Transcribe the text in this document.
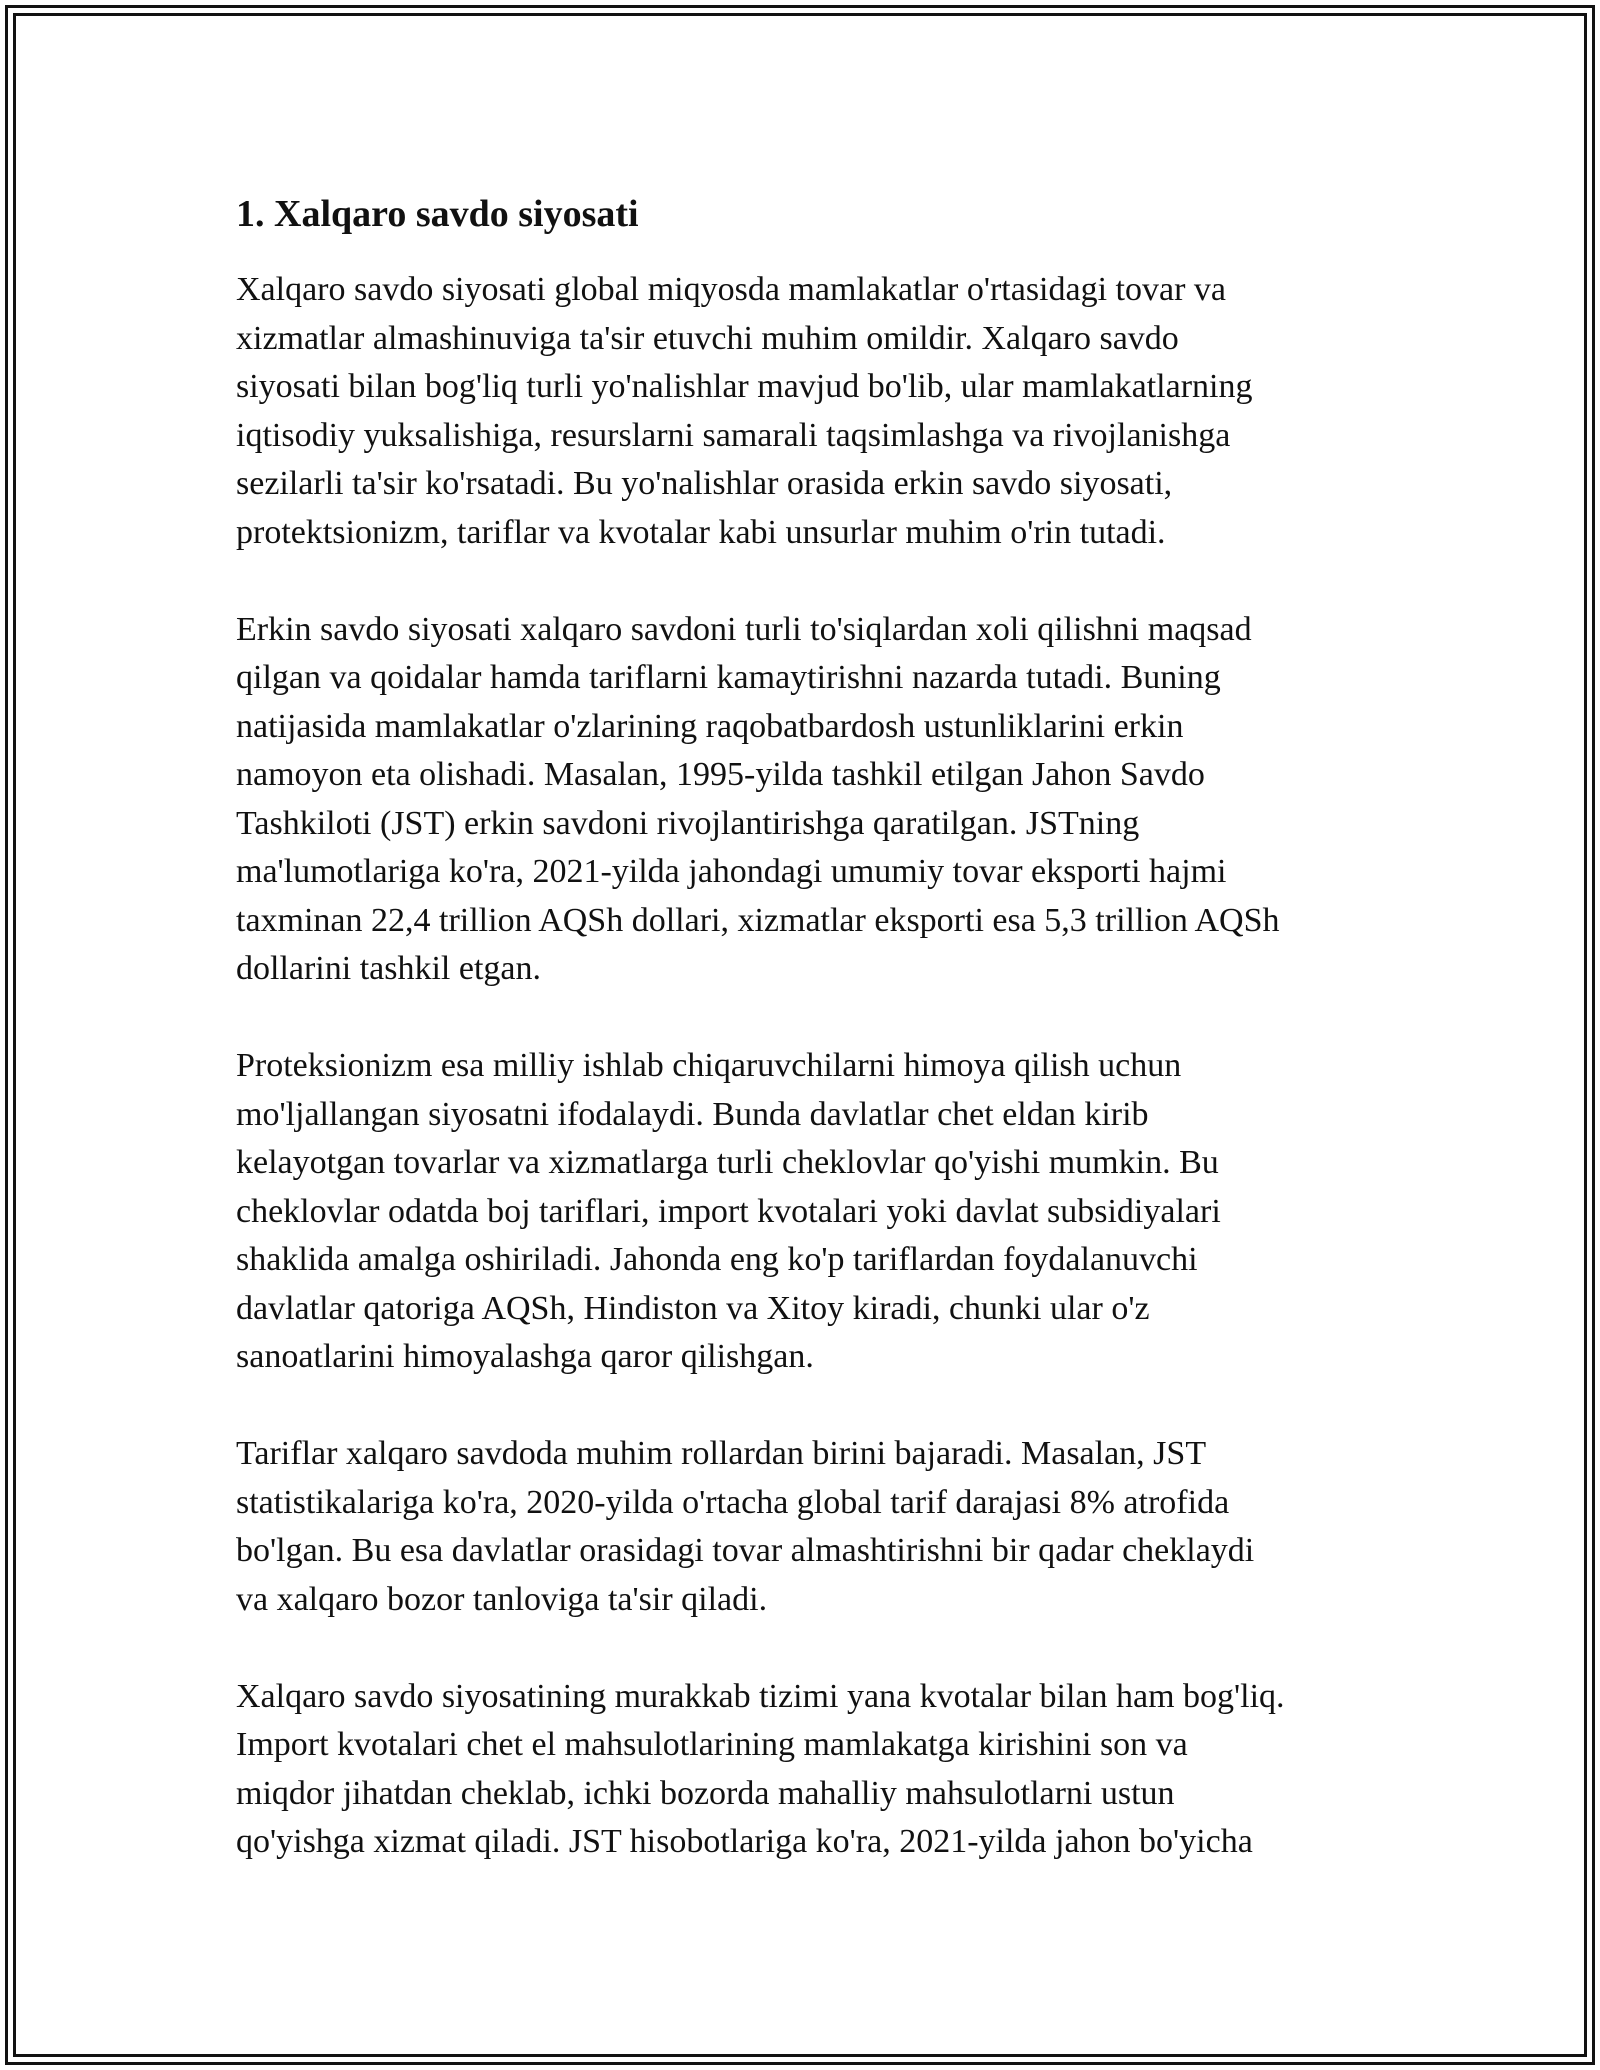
1. Xalqaro savdo siyosati

Xalqaro savdo siyosati global miqyosda mamlakatlar o'rtasidagi tovar va
xizmatlar almashinuviga ta'sir etuvchi muhim omildir. Xalqaro savdo
siyosati bilan bog'liq turli yo'nalishlar mavjud bo'lib, ular mamlakatlarning
iqtisodiy yuksalishiga, resurslarni samarali taqsimlashga va rivojlanishga
sezilarli ta'sir ko'rsatadi. Bu yo'nalishlar orasida erkin savdo siyosati,
protektsionizm, tariflar va kvotalar kabi unsurlar muhim o'rin tutadi.

Erkin savdo siyosati xalqaro savdoni turli to'siqlardan xoli qilishni maqsad
qilgan va qoidalar hamda tariflarni kamaytirishni nazarda tutadi. Buning
natijasida mamlakatlar o'zlarining raqobatbardosh ustunliklarini erkin
namoyon eta olishadi. Masalan, 1995-yilda tashkil etilgan Jahon Savdo
Tashkiloti (JST) erkin savdoni rivojlantirishga qaratilgan. JSTning
ma'lumotlariga ko'ra, 2021-yilda jahondagi umumiy tovar eksporti hajmi
taxminan 22,4 trillion AQSh dollari, xizmatlar eksporti esa 5,3 trillion AQSh
dollarini tashkil etgan.

Proteksionizm esa milliy ishlab chiqaruvchilarni himoya qilish uchun
mo'ljallangan siyosatni ifodalaydi. Bunda davlatlar chet eldan kirib
kelayotgan tovarlar va xizmatlarga turli cheklovlar qo'yishi mumkin. Bu
cheklovlar odatda boj tariflari, import kvotalari yoki davlat subsidiyalari
shaklida amalga oshiriladi. Jahonda eng ko'p tariflardan foydalanuvchi
davlatlar qatoriga AQSh, Hindiston va Xitoy kiradi, chunki ular o'z
sanoatlarini himoyalashga qaror qilishgan.

Tariflar xalqaro savdoda muhim rollardan birini bajaradi. Masalan, JST
statistikalariga ko'ra, 2020-yilda o'rtacha global tarif darajasi 8% atrofida
bo'lgan. Bu esa davlatlar orasidagi tovar almashtirishni bir qadar cheklaydi
va xalqaro bozor tanloviga ta'sir qiladi.

Xalqaro savdo siyosatining murakkab tizimi yana kvotalar bilan ham bog'liq.
Import kvotalari chet el mahsulotlarining mamlakatga kirishini son va
miqdor jihatdan cheklab, ichki bozorda mahalliy mahsulotlarni ustun
qo'yishga xizmat qiladi. JST hisobotlariga ko'ra, 2021-yilda jahon bo'yicha
